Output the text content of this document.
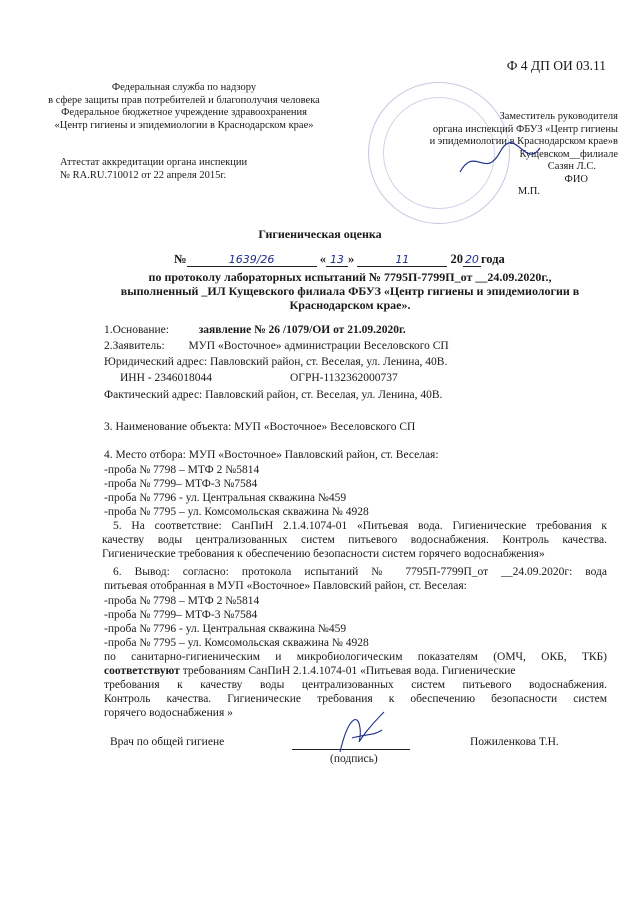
Ф 4 ДП ОИ 03.11
Федеральная служба по надзору
в сфере защиты прав потребителей и благополучия человека
Федеральное бюджетное учреждение здравоохранения
«Центр гигиены и эпидемиологии в Краснодарском крае»
Аттестат аккредитации органа инспекции
№ RA.RU.710012 от 22 апреля 2015г.
Заместитель руководителя
органа инспекций ФБУЗ «Центр гигиены
и эпидемиологии в Краснодарском крае»в
Кущевском__филиале
Сазян Л.С.
ФИО
М.П.
Гигиеническая оценка
№	1639/26	« 13 »	11	20 20 года
по протоколу лабораторных испытаний № 7795П-7799П_от __24.09.2020г.,
выполненный _ИЛ Кущевского филиала ФБУЗ «Центр гигиены и эпидемиологии в
Краснодарском крае».
1.Основание:	заявление № 26 /1079/ОИ от 21.09.2020г.
2.Заявитель: МУП «Восточное» администрации Веселовского СП
Юридический адрес: Павловский район, ст. Веселая, ул. Ленина, 40В.
ИНН - 2346018044	ОГРН-1132362000737
Фактический адрес: Павловский район, ст. Веселая, ул. Ленина, 40В.
3. Наименование объекта: МУП «Восточное» Веселовского СП
4. Место отбора: МУП «Восточное» Павловский район, ст. Веселая:
-проба № 7798 – МТФ 2 №5814
-проба № 7799– МТФ-3 №7584
-проба № 7796 - ул. Центральная скважина №459
-проба № 7795 – ул. Комсомольская скважина № 4928
5. На соответствие: СанПиН 2.1.4.1074-01 «Питьевая вода. Гигиенические требования к
качеству воды централизованных систем питьевого водоснабжения. Контроль качества.
Гигиенические требования к обеспечению безопасности систем горячего водоснабжения»
6. Вывод: согласно: протокола испытаний № 7795П-7799П_от __24.09.2020г: вода
питьевая отобранная в МУП «Восточное» Павловский район, ст. Веселая:
-проба № 7798 – МТФ 2 №5814
-проба № 7799– МТФ-3 №7584
-проба № 7796 - ул. Центральная скважина №459
-проба № 7795 – ул. Комсомольская скважина № 4928
по санитарно-гигиеническим и микробиологическим показателям (ОМЧ, ОКБ, ТКБ)
соответствуют требованиям СанПиН 2.1.4.1074-01 «Питьевая вода. Гигиенические
требования к качеству воды централизованных систем питьевого водоснабжения.
Контроль качества. Гигиенические требования к обеспечению безопасности систем
горячего водоснабжения »
Врач по общей гигиене
(подпись)
Пожиленкова Т.Н.
